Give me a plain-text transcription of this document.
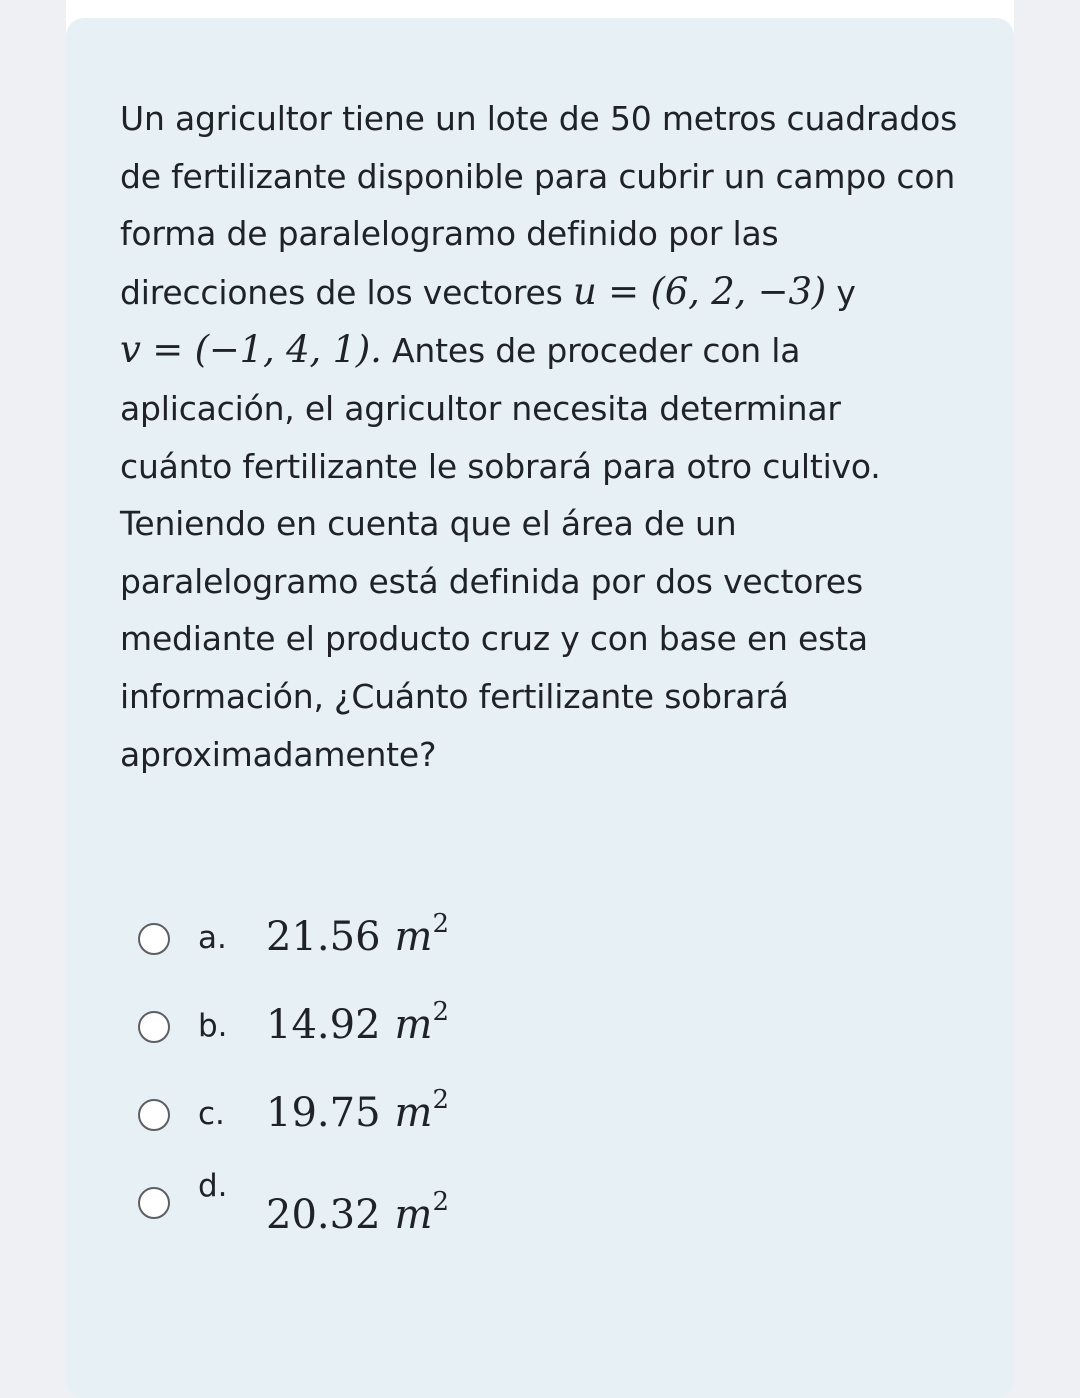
Un agricultor tiene un lote de 50 metros cuadrados de fertilizante disponible para cubrir un campo con forma de paralelogramo definido por las direcciones de los vectores u = (6, 2, −3) y v = (−1, 4, 1). Antes de proceder con la aplicación, el agricultor necesita determinar cuánto fertilizante le sobrará para otro cultivo. Teniendo en cuenta que el área de un paralelogramo está definida por dos vectores mediante el producto cruz y con base en esta información, ¿Cuánto fertilizante sobrará aproximadamente?

a. 21.56 $m^2$
b. 14.92 $m^2$
c. 19.75 $m^2$
d.
20.32 $m^2$
